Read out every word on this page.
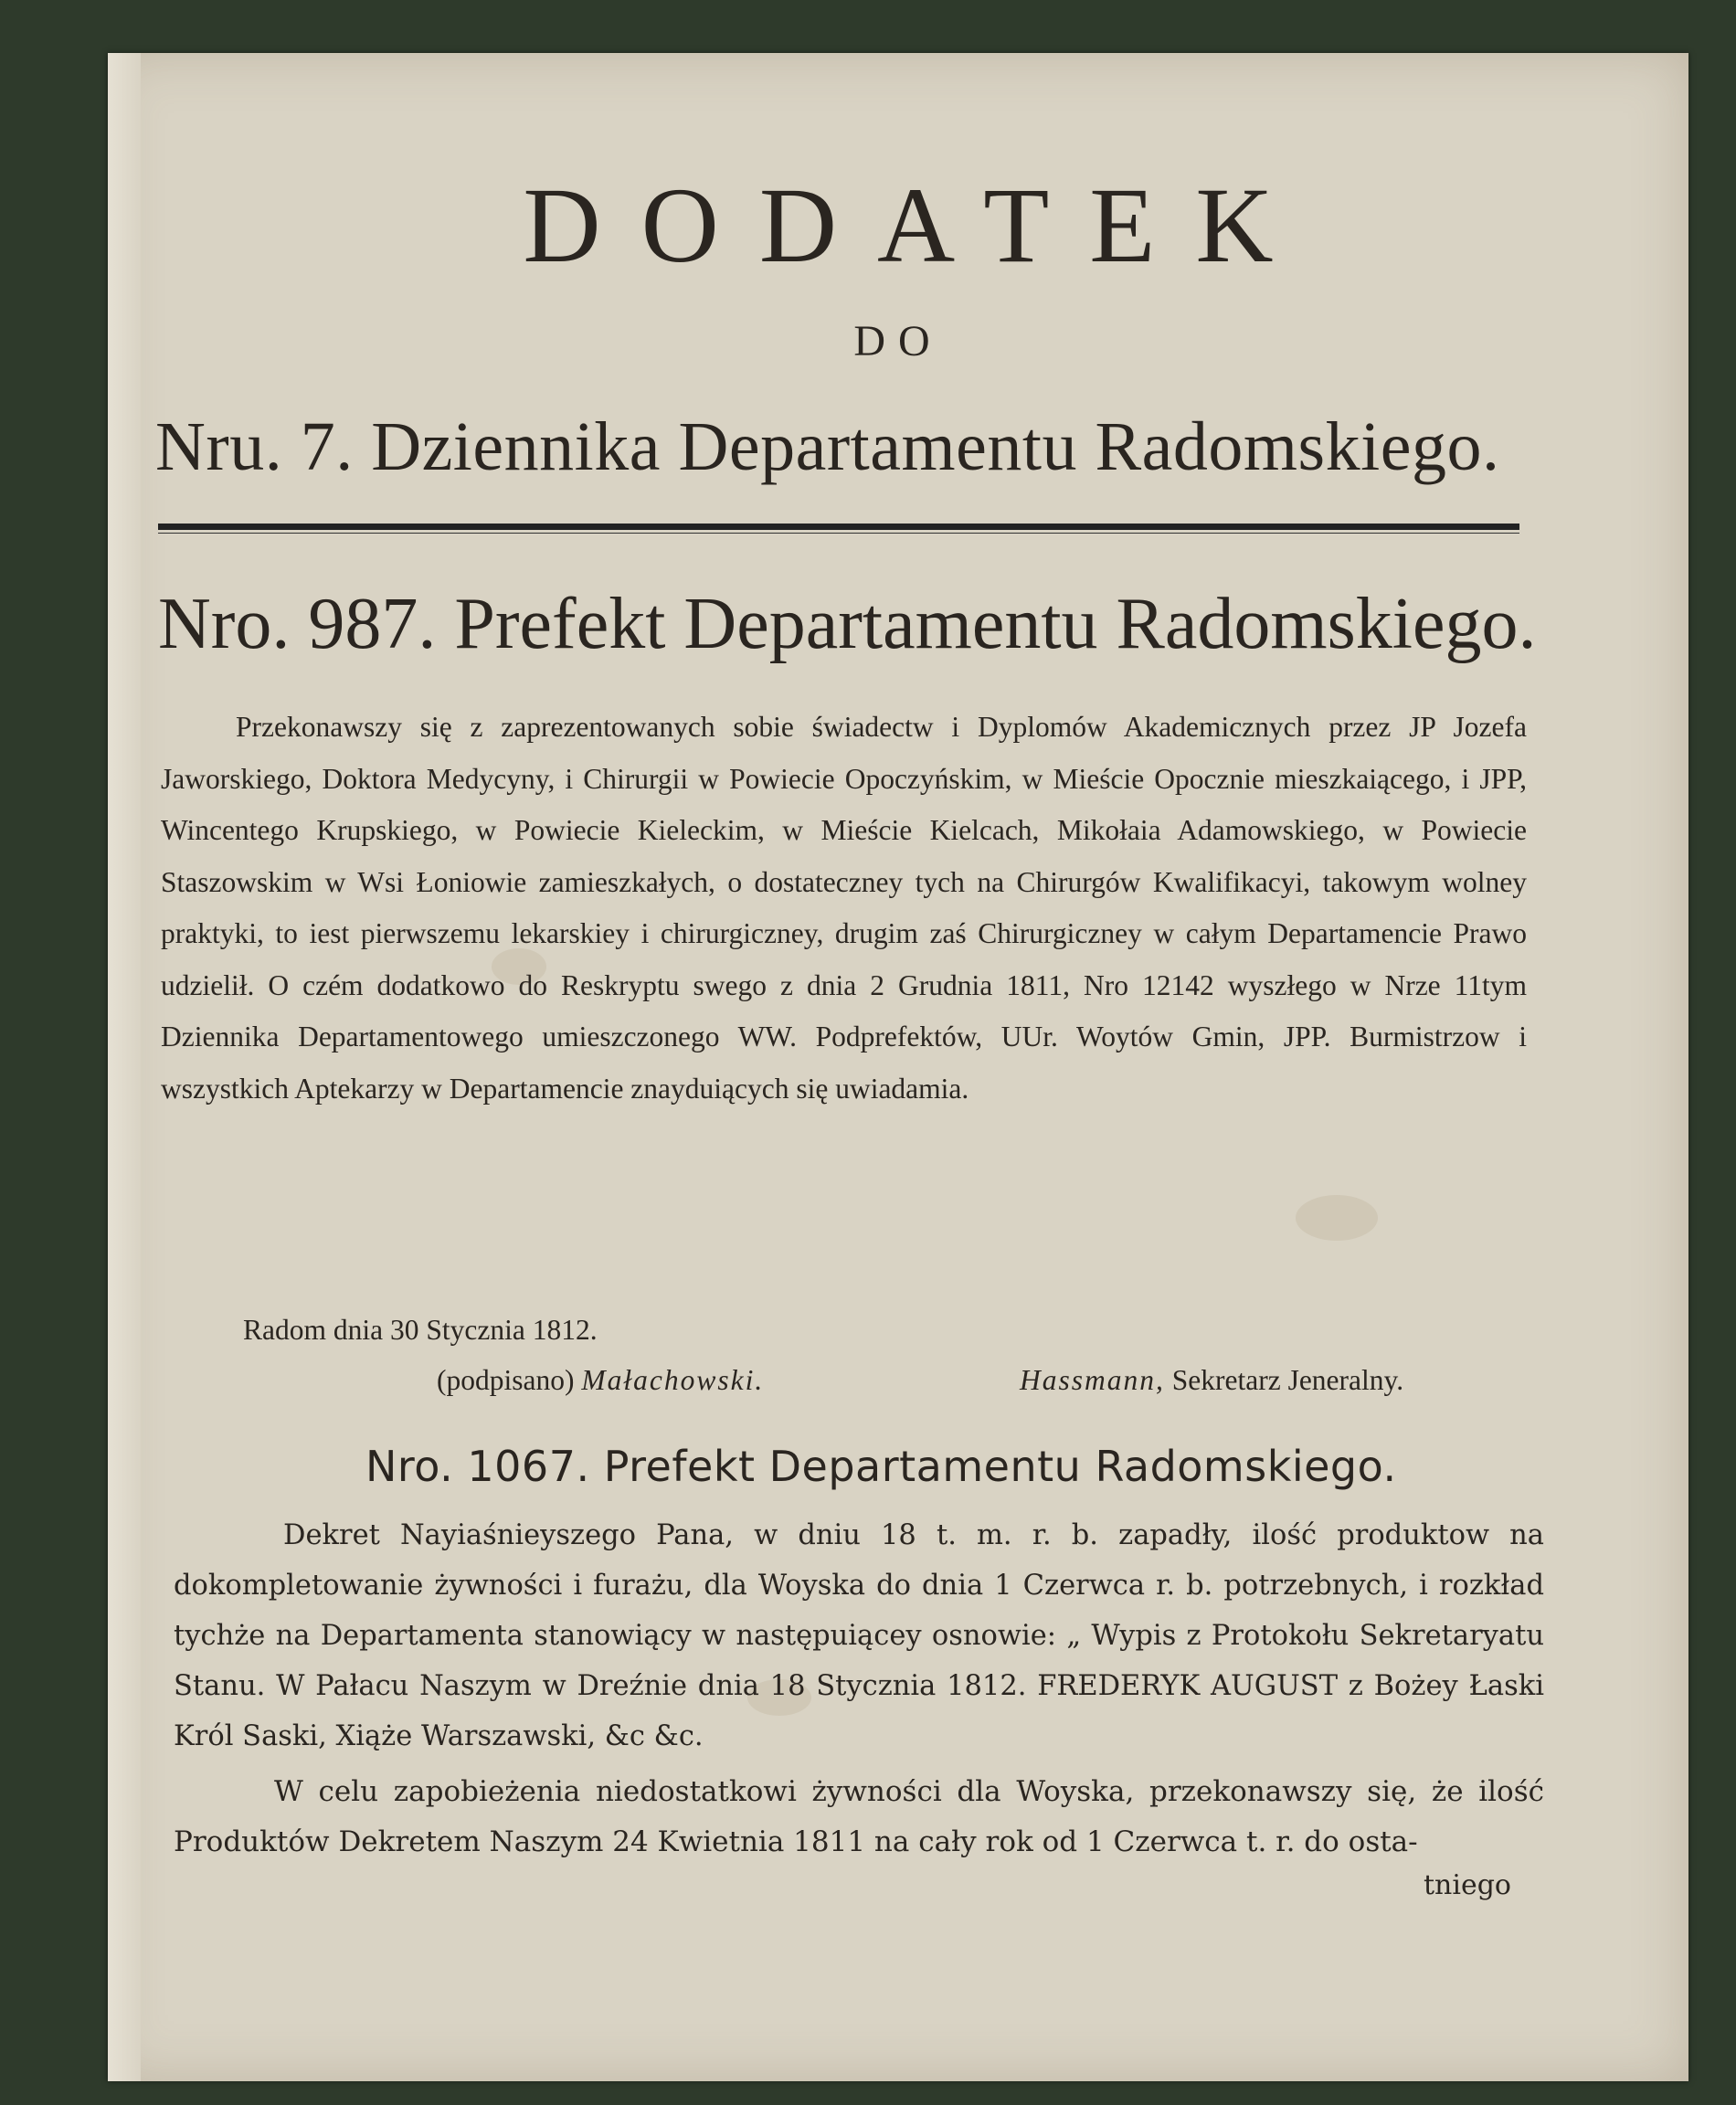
DODATEK
DO
Nru. 7. Dziennika Departamentu Radomskiego.
Nro. 987. Prefekt Departamentu Radomskiego.

Przekonawszy się z zaprezentowanych sobie świadectw i Dyplomów Akademicznych przez JP Jozefa Jaworskiego, Doktora Medycyny, i Chirurgii w Powiecie Opoczyńskim, w Mieście Opocznie mieszkaiącego, i JPP, Wincentego Krupskiego, w Powiecie Kieleckim, w Mieście Kielcach, Mikołaia Adamowskiego, w Powiecie Staszowskim w Wsi Łoniowie zamieszkałych, o dostateczney tych na Chirurgów Kwalifikacyi, takowym wolney praktyki, to iest pierwszemu lekarskiey i chirurgiczney, drugim zaś Chirurgiczney w całym Departamencie Prawo udzielił. O czém dodatkowo do Reskryptu swego z dnia 2 Grudnia 1811, Nro 12142 wyszłego w Nrze 11tym Dziennika Departamentowego umieszczonego WW. Podprefektów, UUr. Woytów Gmin, JPP. Burmistrzow i wszystkich Aptekarzy w Departamencie znayduiących się uwiadamia.

Radom dnia 30 Stycznia 1812.
(podpisano) Małachowski.	Hassmann, Sekretarz Jeneralny.
Nro. 1067. Prefekt Departamentu Radomskiego.

Dekret Nayiaśnieyszego Pana, w dniu 18 t. m. r. b. zapadły, ilość produktow na dokompletowanie żywności i furażu, dla Woyska do dnia 1 Czerwca r. b. potrzebnych, i rozkład tychże na Departamenta stanowiący w następuiącey osnowie: „ Wypis z Protokołu Sekretaryatu Stanu. W Pałacu Naszym w Dreźnie dnia 18 Stycznia 1812. FREDERYK AUGUST z Bożey Łaski Król Saski, Xiąże Warszawski, &c &c.

W celu zapobieżenia niedostatkowi żywności dla Woyska, przekonawszy się, że ilość Produktów Dekretem Naszym 24 Kwietnia 1811 na cały rok od 1 Czerwca t. r. do osta-

tniego
